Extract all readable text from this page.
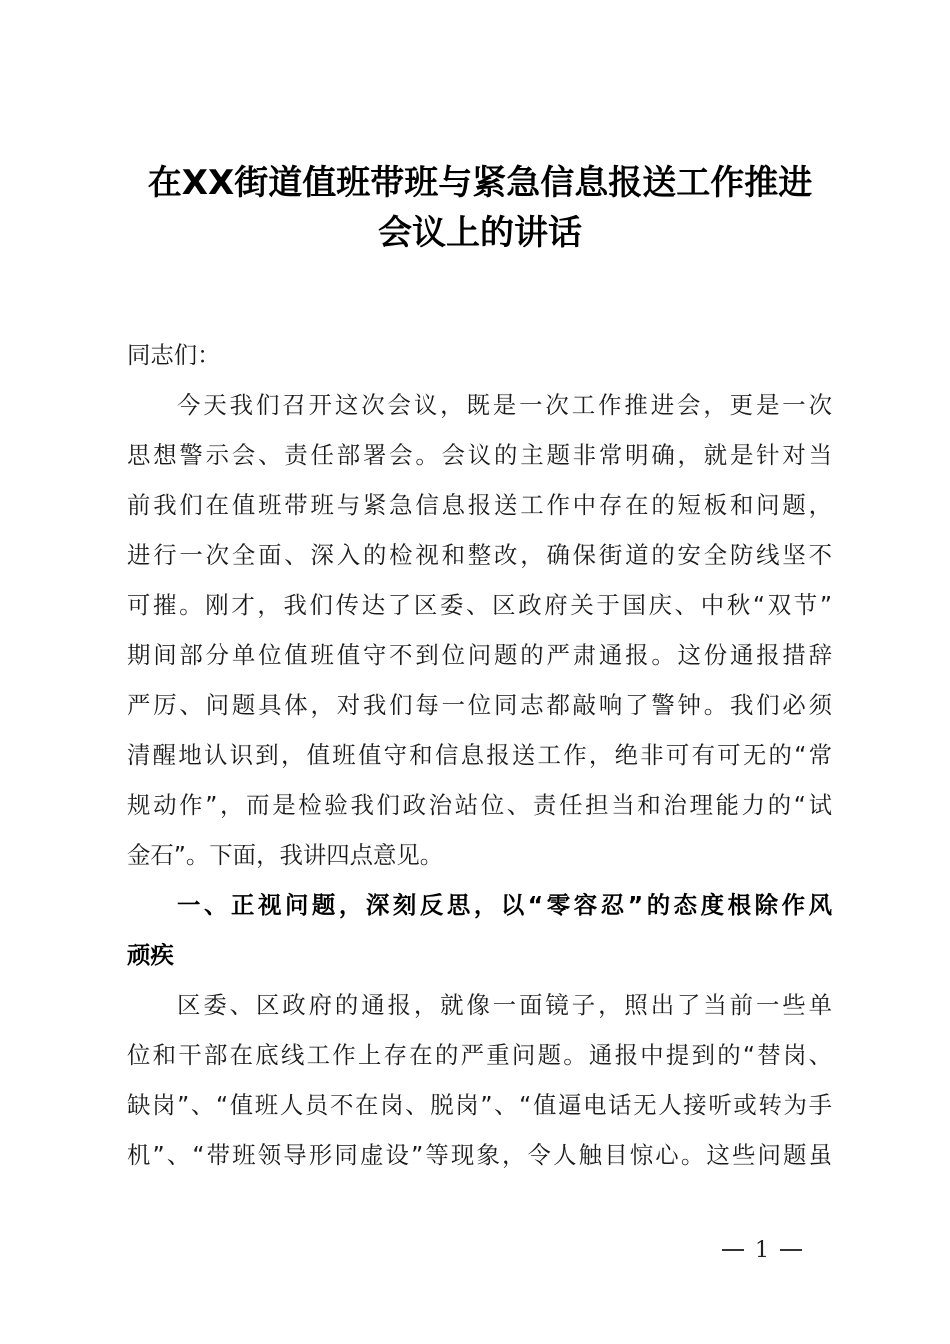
在XX街道值班带班与紧急信息报送工作推进
会议上的讲话
同志们：
今天我们召开这次会议，既是一次工作推进会，更是一次
思想警示会、责任部署会。会议的主题非常明确，就是针对当
前我们在值班带班与紧急信息报送工作中存在的短板和问题，
进行一次全面、深入的检视和整改，确保街道的安全防线坚不
可摧。刚才，我们传达了区委、区政府关于国庆、中秋“双节”
期间部分单位值班值守不到位问题的严肃通报。这份通报措辞
严厉、问题具体，对我们每一位同志都敲响了警钟。我们必须
清醒地认识到，值班值守和信息报送工作，绝非可有可无的“常
规动作”，而是检验我们政治站位、责任担当和治理能力的“试
金石”。下面，我讲四点意见。
一、正视问题，深刻反思，以“零容忍”的态度根除作风
顽疾
区委、区政府的通报，就像一面镜子，照出了当前一些单
位和干部在底线工作上存在的严重问题。通报中提到的“替岗、
缺岗”、“值班人员不在岗、脱岗”、“值逼电话无人接听或转为手
机”、“带班领导形同虚设”等现象，令人触目惊心。这些问题虽
1
